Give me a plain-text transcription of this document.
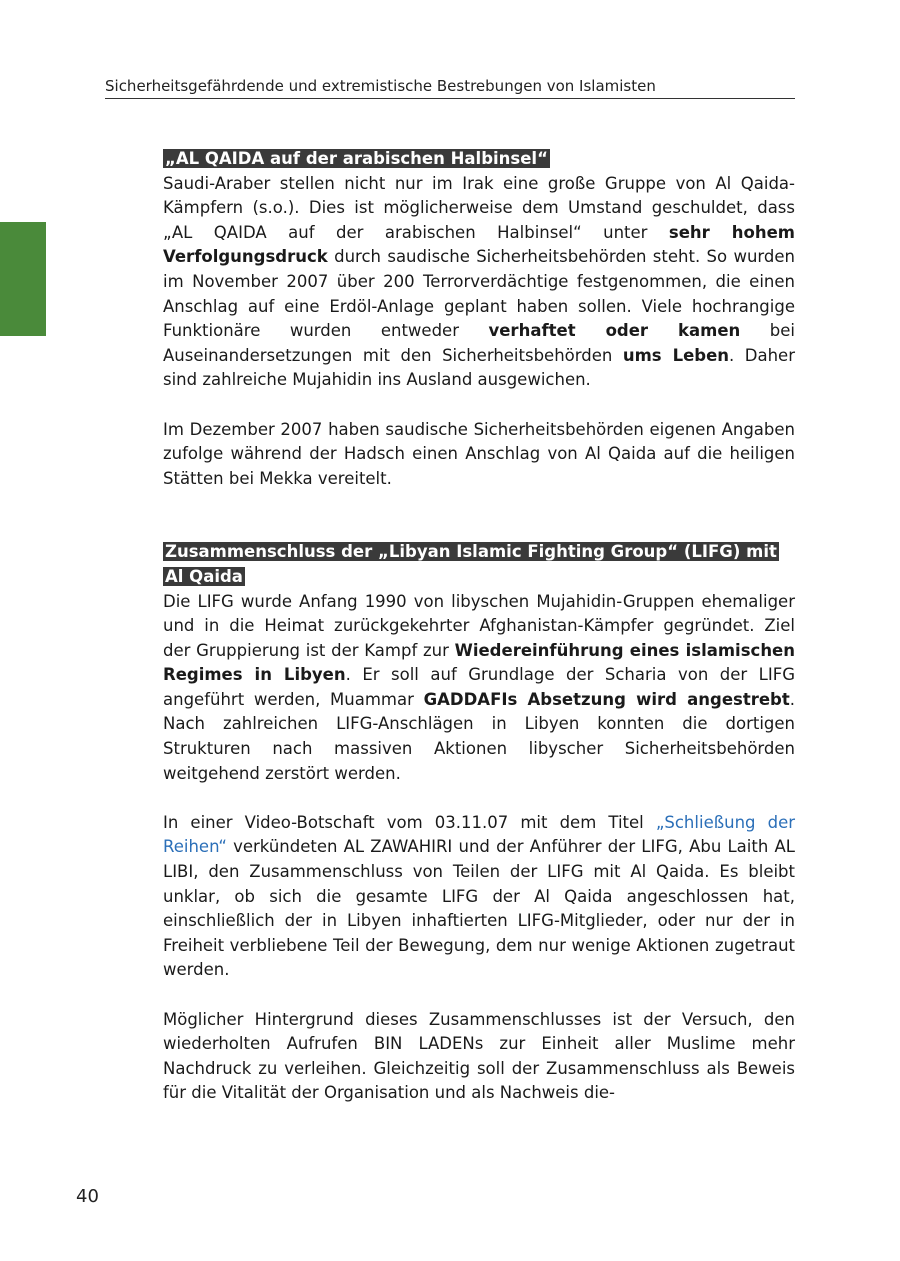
Sicherheitsgefährdende und extremistische Bestrebungen von Islamisten
„AL QAIDA auf der arabischen Halbinsel“

Saudi-Araber stellen nicht nur im Irak eine große Gruppe von Al Qaida-Kämpfern (s.o.). Dies ist möglicherweise dem Umstand geschuldet, dass „AL QAIDA auf der arabischen Halbinsel“ unter sehr hohem Verfolgungsdruck durch saudische Sicherheitsbehörden steht. So wurden im November 2007 über 200 Terrorverdächtige festgenommen, die einen Anschlag auf eine Erdöl-Anlage geplant haben sollen. Viele hochrangige Funktionäre wurden entweder verhaftet oder kamen bei Auseinandersetzungen mit den Sicherheitsbehörden ums Leben. Daher sind zahlreiche Mujahidin ins Ausland ausgewichen.

Im Dezember 2007 haben saudische Sicherheitsbehörden eigenen Angaben zufolge während der Hadsch einen Anschlag von Al Qaida auf die heiligen Stätten bei Mekka vereitelt.

Zusammenschluss der „Libyan Islamic Fighting Group“ (LIFG) mit
Al Qaida

Die LIFG wurde Anfang 1990 von libyschen Mujahidin-Gruppen ehemaliger und in die Heimat zurückgekehrter Afghanistan-Kämpfer gegründet. Ziel der Gruppierung ist der Kampf zur Wiedereinführung eines islamischen Regimes in Libyen. Er soll auf Grundlage der Scharia von der LIFG angeführt werden, Muammar GADDAFIs Absetzung wird angestrebt. Nach zahlreichen LIFG-Anschlägen in Libyen konnten die dortigen Strukturen nach massiven Aktionen libyscher Sicherheitsbehörden weitgehend zerstört werden.

In einer Video-Botschaft vom 03.11.07 mit dem Titel „Schließung der Reihen“ verkündeten AL ZAWAHIRI und der Anführer der LIFG, Abu Laith AL LIBI, den Zusammenschluss von Teilen der LIFG mit Al Qaida. Es bleibt unklar, ob sich die gesamte LIFG der Al Qaida angeschlossen hat, einschließlich der in Libyen inhaftierten LIFG-Mitglieder, oder nur der in Freiheit verbliebene Teil der Bewegung, dem nur wenige Aktionen zugetraut werden.

Möglicher Hintergrund dieses Zusammenschlusses ist der Versuch, den wiederholten Aufrufen BIN LADENs zur Einheit aller Muslime mehr Nachdruck zu verleihen. Gleichzeitig soll der Zusammenschluss als Beweis für die Vitalität der Organisation und als Nachweis die-

40
